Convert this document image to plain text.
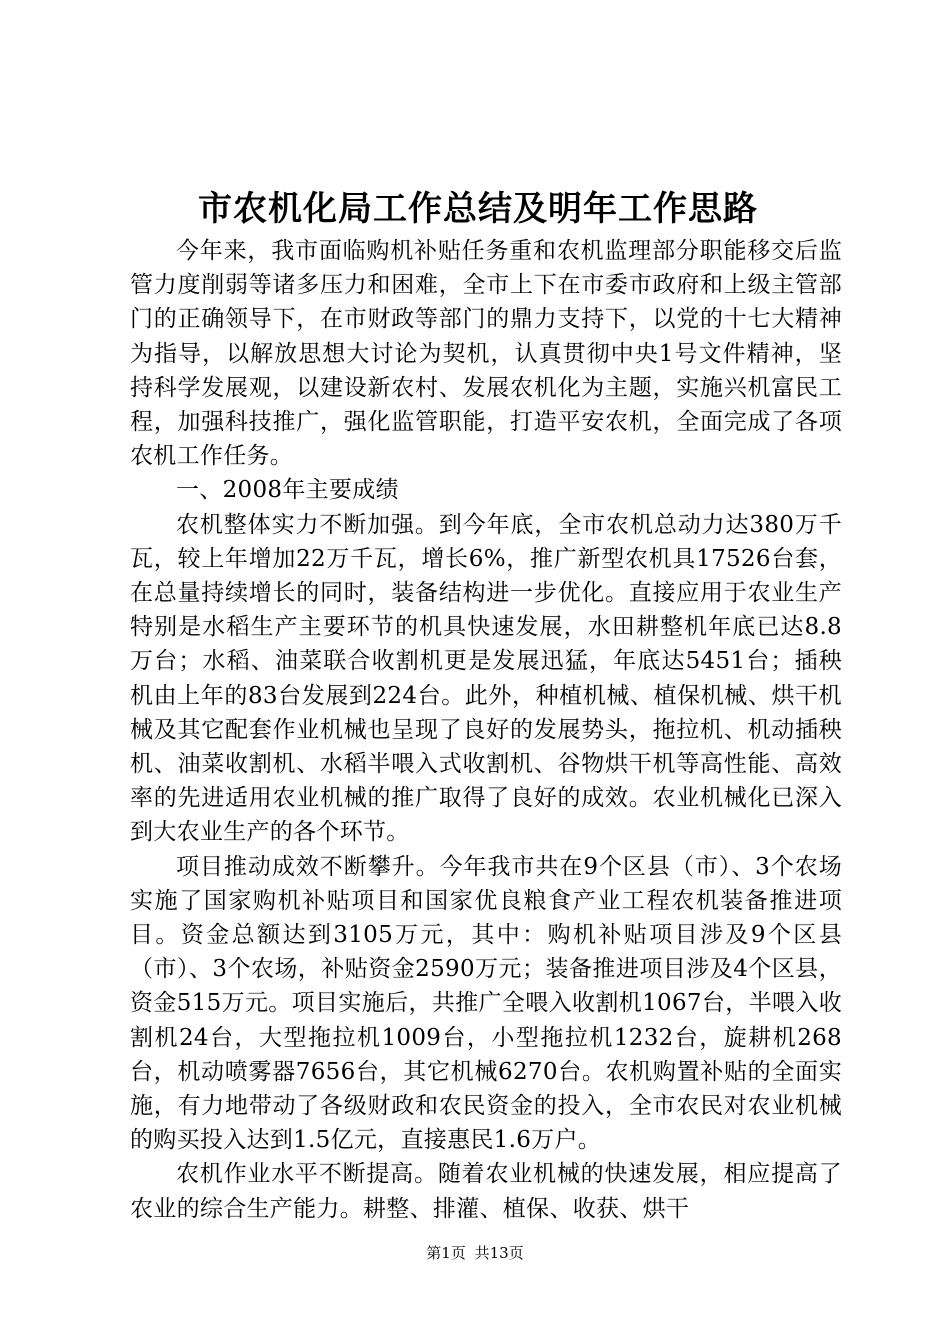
市农机化局工作总结及明年工作思路

今年来，我市面临购机补贴任务重和农机监理部分职能移交后监管力度削弱等诸多压力和困难，全市上下在市委市政府和上级主管部门的正确领导下，在市财政等部门的鼎力支持下，以党的十七大精神为指导，以解放思想大讨论为契机，认真贯彻中央1号文件精神，坚持科学发展观，以建设新农村、发展农机化为主题，实施兴机富民工程，加强科技推广，强化监管职能，打造平安农机，全面完成了各项农机工作任务。

一、2008年主要成绩

农机整体实力不断加强。到今年底，全市农机总动力达380万千瓦，较上年增加22万千瓦，增长6%，推广新型农机具17526台套，在总量持续增长的同时，装备结构进一步优化。直接应用于农业生产特别是水稻生产主要环节的机具快速发展，水田耕整机年底已达8.8万台；水稻、油菜联合收割机更是发展迅猛，年底达5451台；插秧机由上年的83台发展到224台。此外，种植机械、植保机械、烘干机械及其它配套作业机械也呈现了良好的发展势头，拖拉机、机动插秧机、油菜收割机、水稻半喂入式收割机、谷物烘干机等高性能、高效率的先进适用农业机械的推广取得了良好的成效。农业机械化已深入到大农业生产的各个环节。

项目推动成效不断攀升。今年我市共在9个区县（市）、3个农场实施了国家购机补贴项目和国家优良粮食产业工程农机装备推进项目。资金总额达到3105万元，其中：购机补贴项目涉及9个区县（市）、3个农场，补贴资金2590万元；装备推进项目涉及4个区县，资金515万元。项目实施后，共推广全喂入收割机1067台，半喂入收割机24台，大型拖拉机1009台，小型拖拉机1232台，旋耕机268台，机动喷雾器7656台，其它机械6270台。农机购置补贴的全面实施，有力地带动了各级财政和农民资金的投入，全市农民对农业机械的购买投入达到1.5亿元，直接惠民1.6万户。

农机作业水平不断提高。随着农业机械的快速发展，相应提高了农业的综合生产能力。耕整、排灌、植保、收获、烘干

第1页 共13页
